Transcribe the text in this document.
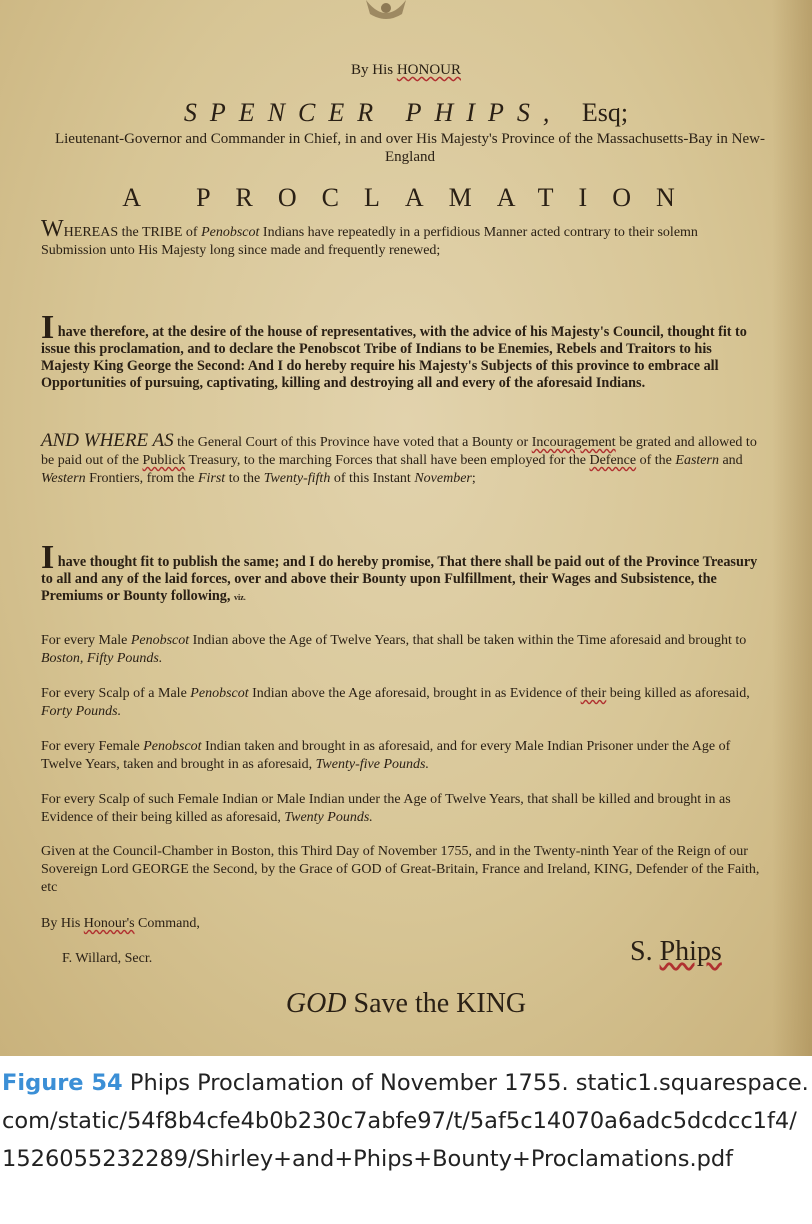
By His HONOUR

SPENCER PHIPS, Esq;

Lieutenant-Governor and Commander in Chief, in and over His Majesty's Province of the Massachusetts-Bay in New-England

A PROCLAMATION

WHEREAS the TRIBE of Penobscot Indians have repeatedly in a perfidious Manner acted contrary to their solemn Submission unto His Majesty long since made and frequently renewed;

I have therefore, at the desire of the house of representatives, with the advice of his Majesty's Council, thought fit to issue this proclamation, and to declare the Penobscot Tribe of Indians to be Enemies, Rebels and Traitors to his Majesty King George the Second: And I do hereby require his Majesty's Subjects of this province to embrace all Opportunities of pursuing, captivating, killing and destroying all and every of the aforesaid Indians.

AND WHERE AS the General Court of this Province have voted that a Bounty or Incouragement be grated and allowed to be paid out of the Publick Treasury, to the marching Forces that shall have been employed for the Defence of the Eastern and Western Frontiers, from the First to the Twenty-fifth of this Instant November;

I have thought fit to publish the same; and I do hereby promise, That there shall be paid out of the Province Treasury to all and any of the laid forces, over and above their Bounty upon Fulfillment, their Wages and Subsistence, the Premiums or Bounty following, viz.

For every Male Penobscot Indian above the Age of Twelve Years, that shall be taken within the Time aforesaid and brought to Boston, Fifty Pounds.

For every Scalp of a Male Penobscot Indian above the Age aforesaid, brought in as Evidence of their being killed as aforesaid, Forty Pounds.

For every Female Penobscot Indian taken and brought in as aforesaid, and for every Male Indian Prisoner under the Age of Twelve Years, taken and brought in as aforesaid, Twenty-five Pounds.

For every Scalp of such Female Indian or Male Indian under the Age of Twelve Years, that shall be killed and brought in as Evidence of their being killed as aforesaid, Twenty Pounds.

Given at the Council-Chamber in Boston, this Third Day of November 1755, and in the Twenty-ninth Year of the Reign of our Sovereign Lord GEORGE the Second, by the Grace of GOD of Great-Britain, France and Ireland, KING, Defender of the Faith, etc

By His Honour's Command,

F. Willard, Secr.	S. Phips

GOD Save the KING

Figure 54 Phips Proclamation of November 1755. static1.squarespace.com/static/54f8b4cfe4b0b230c7abfe97/t/5af5c14070a6adc5dcdcc1f4/1526055232289/Shirley+and+Phips+Bounty+Proclamations.pdf
